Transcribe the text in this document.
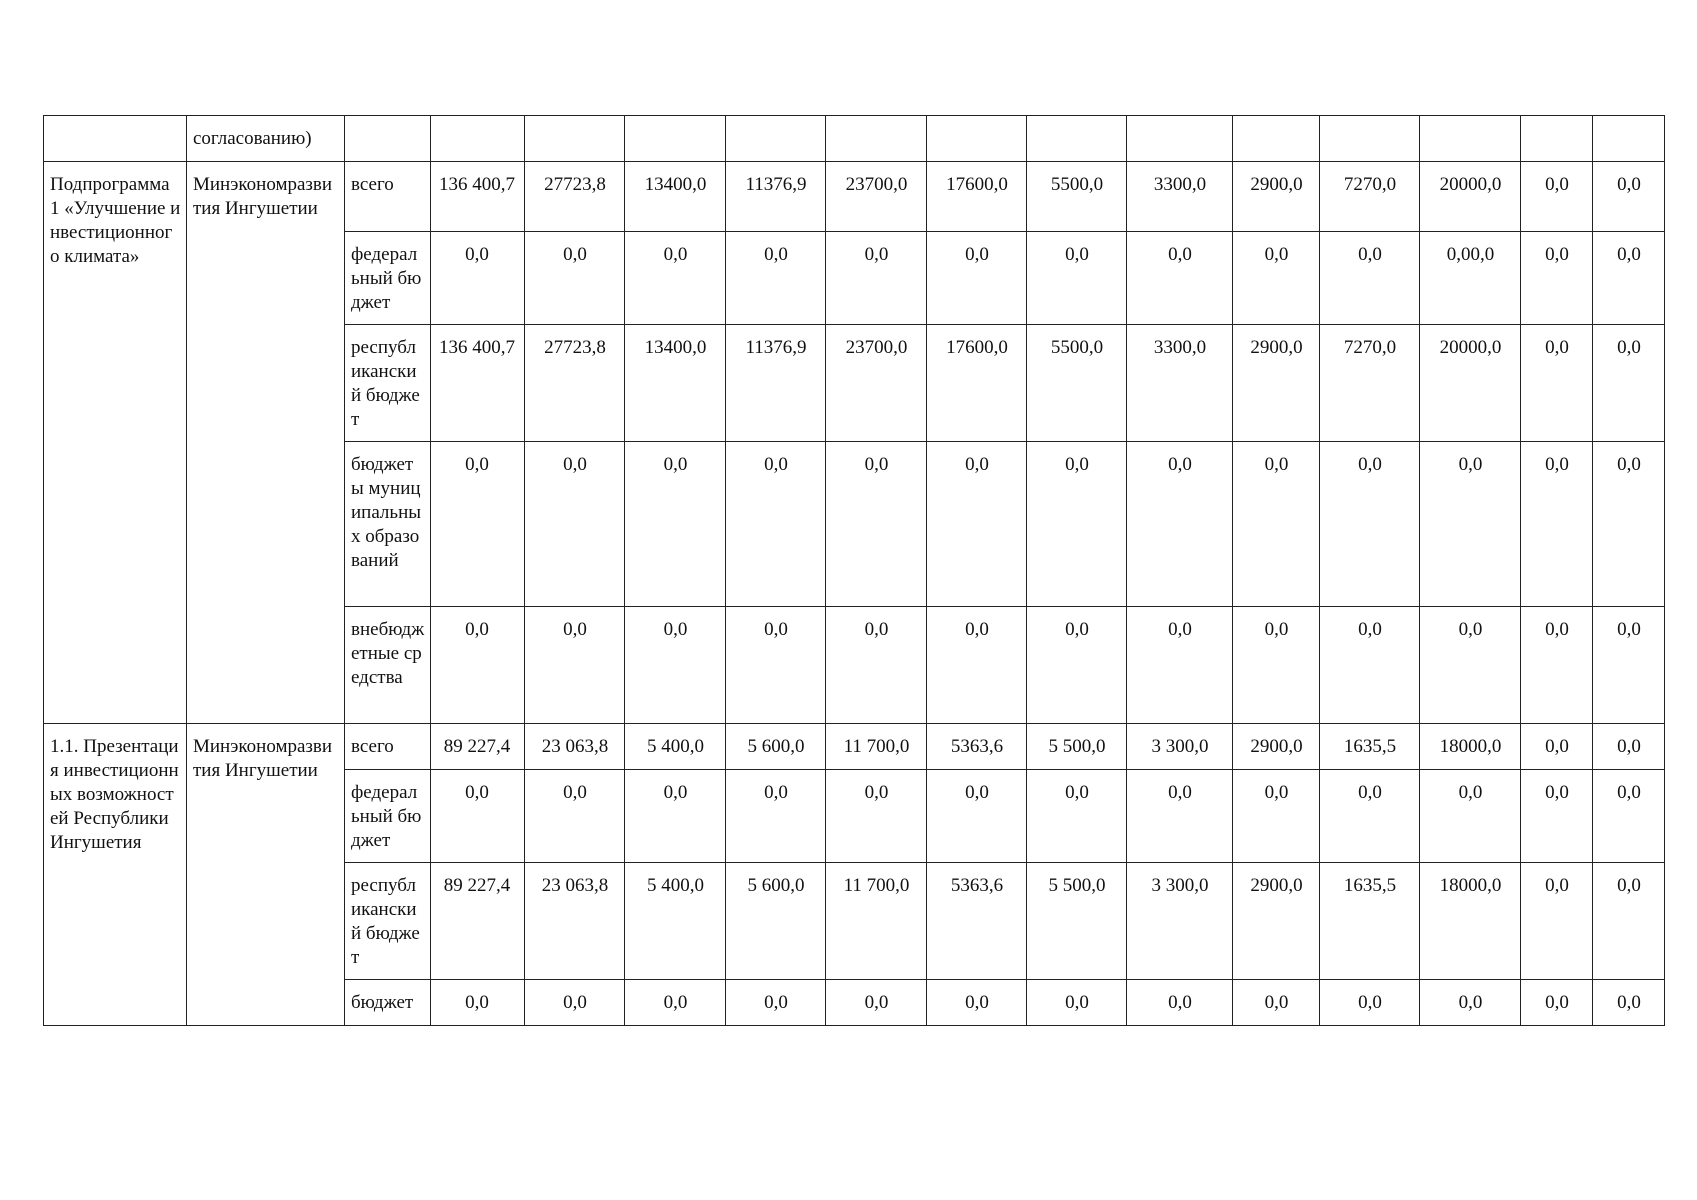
	согласованию)														
Подпрограмма 1 «Улучшение инвестиционного климата»	Минэкономразвития Ингушетии	всего	136 400,7	27723,8	13400,0	11376,9	23700,0	17600,0	5500,0	3300,0	2900,0	7270,0	20000,0	0,0	0,0
		федеральный бюджет	0,0	0,0	0,0	0,0	0,0	0,0	0,0	0,0	0,0	0,0	0,00,0	0,0	0,0
		республиканский бюджет	136 400,7	27723,8	13400,0	11376,9	23700,0	17600,0	5500,0	3300,0	2900,0	7270,0	20000,0	0,0	0,0
		бюджеты муниципальных образований	0,0	0,0	0,0	0,0	0,0	0,0	0,0	0,0	0,0	0,0	0,0	0,0	0,0
		внебюджетные средства	0,0	0,0	0,0	0,0	0,0	0,0	0,0	0,0	0,0	0,0	0,0	0,0	0,0
1.1. Презентация инвестиционных возможностей Республики Ингушетия	Минэкономразвития Ингушетии	всего	89 227,4	23 063,8	5 400,0	5 600,0	11 700,0	5363,6	5 500,0	3 300,0	2900,0	1635,5	18000,0	0,0	0,0
		федеральный бюджет	0,0	0,0	0,0	0,0	0,0	0,0	0,0	0,0	0,0	0,0	0,0	0,0	0,0
		республиканский бюджет	89 227,4	23 063,8	5 400,0	5 600,0	11 700,0	5363,6	5 500,0	3 300,0	2900,0	1635,5	18000,0	0,0	0,0
		бюджет	0,0	0,0	0,0	0,0	0,0	0,0	0,0	0,0	0,0	0,0	0,0	0,0	0,0
